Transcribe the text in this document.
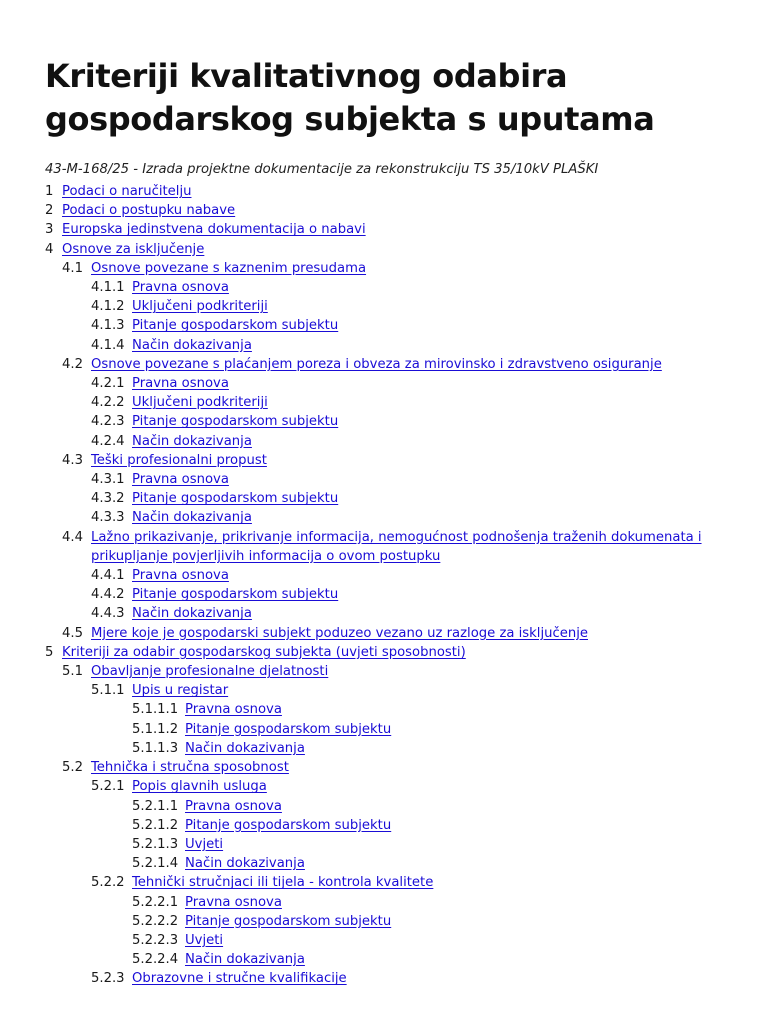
Kriteriji kvalitativnog odabira gospodarskog subjekta s uputama
43-M-168/25 - Izrada projektne dokumentacije za rekonstrukciju TS 35/10kV PLAŠKI
1 Podaci o naručitelju
2 Podaci o postupku nabave
3 Europska jedinstvena dokumentacija o nabavi
4 Osnove za isključenje
4.1 Osnove povezane s kaznenim presudama
4.1.1 Pravna osnova
4.1.2 Uključeni podkriteriji
4.1.3 Pitanje gospodarskom subjektu
4.1.4 Način dokazivanja
4.2 Osnove povezane s plaćanjem poreza i obveza za mirovinsko i zdravstveno osiguranje
4.2.1 Pravna osnova
4.2.2 Uključeni podkriteriji
4.2.3 Pitanje gospodarskom subjektu
4.2.4 Način dokazivanja
4.3 Teški profesionalni propust
4.3.1 Pravna osnova
4.3.2 Pitanje gospodarskom subjektu
4.3.3 Način dokazivanja
4.4 Lažno prikazivanje, prikrivanje informacija, nemogućnost podnošenja traženih dokumenata i prikupljanje povjerljivih informacija o ovom postupku
4.4.1 Pravna osnova
4.4.2 Pitanje gospodarskom subjektu
4.4.3 Način dokazivanja
4.5 Mjere koje je gospodarski subjekt poduzeo vezano uz razloge za isključenje
5 Kriteriji za odabir gospodarskog subjekta (uvjeti sposobnosti)
5.1 Obavljanje profesionalne djelatnosti
5.1.1 Upis u registar
5.1.1.1 Pravna osnova
5.1.1.2 Pitanje gospodarskom subjektu
5.1.1.3 Način dokazivanja
5.2 Tehnička i stručna sposobnost
5.2.1 Popis glavnih usluga
5.2.1.1 Pravna osnova
5.2.1.2 Pitanje gospodarskom subjektu
5.2.1.3 Uvjeti
5.2.1.4 Način dokazivanja
5.2.2 Tehnički stručnjaci ili tijela - kontrola kvalitete
5.2.2.1 Pravna osnova
5.2.2.2 Pitanje gospodarskom subjektu
5.2.2.3 Uvjeti
5.2.2.4 Način dokazivanja
5.2.3 Obrazovne i stručne kvalifikacije
